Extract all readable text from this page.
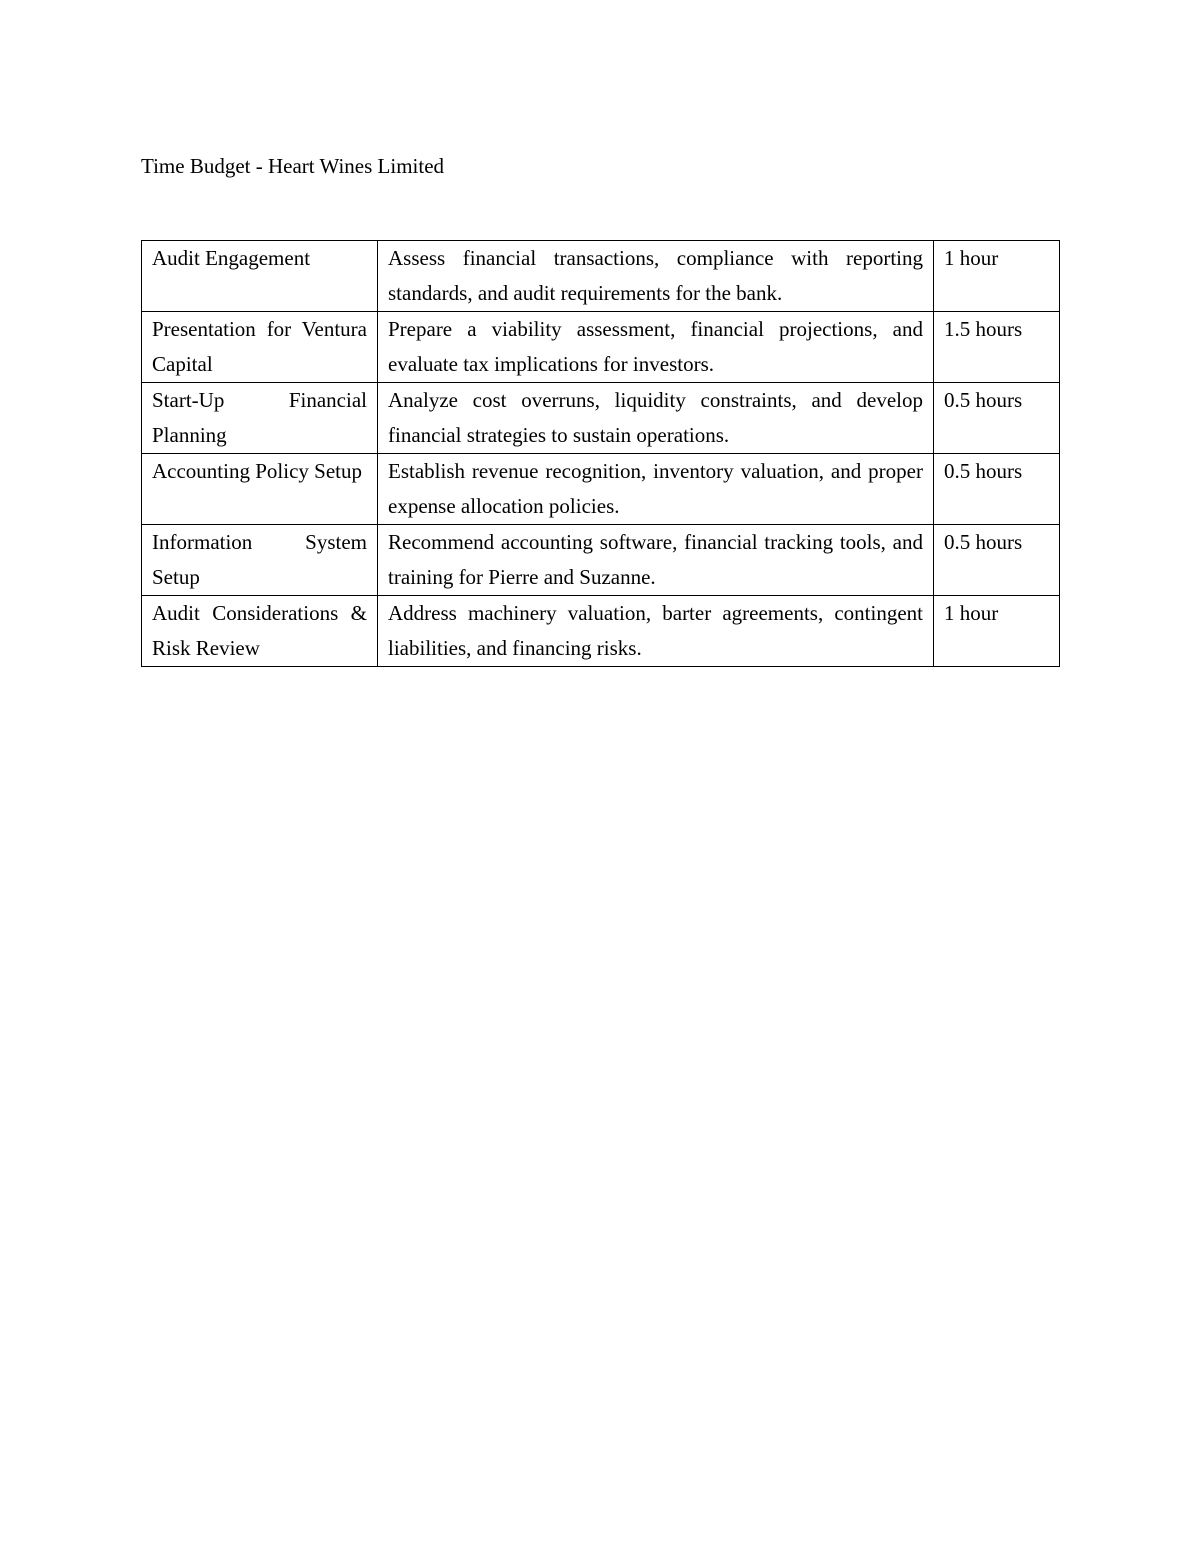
Time Budget - Heart Wines Limited
Audit Engagement	Assess financial transactions, compliance with reporting standards, and audit requirements for the bank.	1 hour
Presentation for Ventura Capital	Prepare a viability assessment, financial projections, and evaluate tax implications for investors.	1.5 hours
Start-Up Financial Planning	Analyze cost overruns, liquidity constraints, and develop financial strategies to sustain operations.	0.5 hours
Accounting Policy Setup	Establish revenue recognition, inventory valuation, and proper expense allocation policies.	0.5 hours
Information System Setup	Recommend accounting software, financial tracking tools, and training for Pierre and Suzanne.	0.5 hours
Audit Considerations & Risk Review	Address machinery valuation, barter agreements, contingent liabilities, and financing risks.	1 hour
